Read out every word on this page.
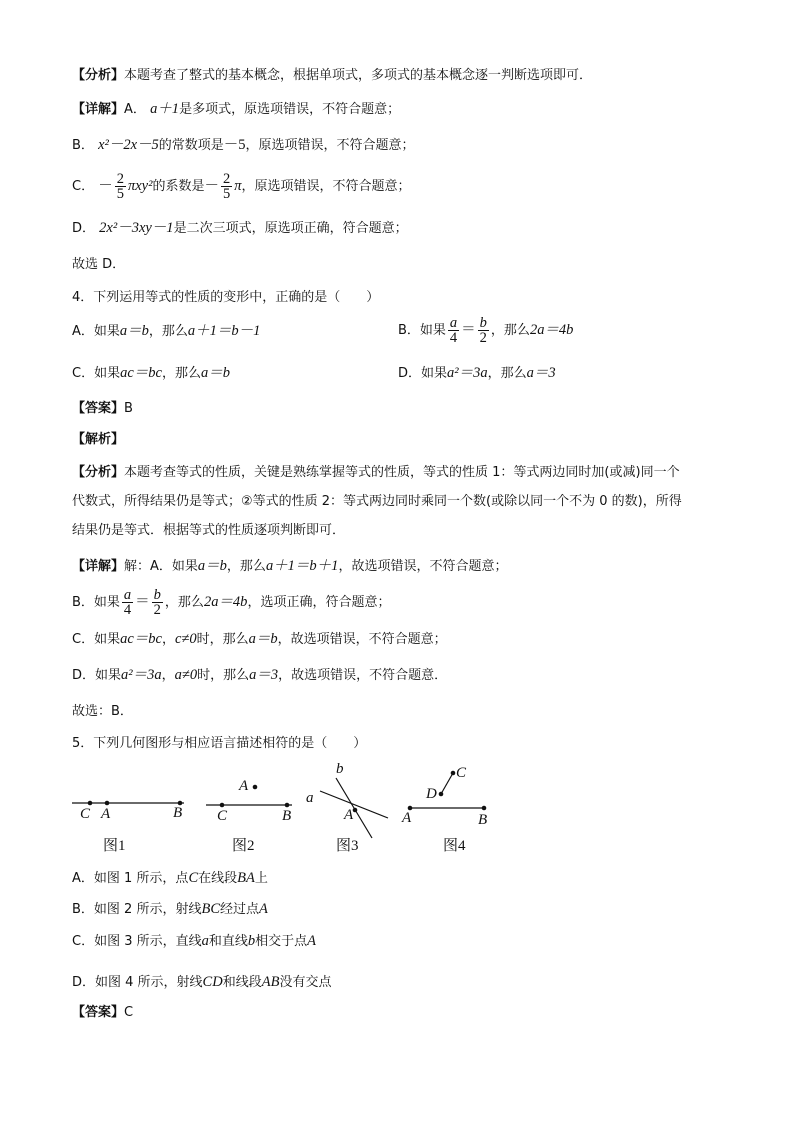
【分析】本题考查了整式的基本概念，根据单项式，多项式的基本概念逐一判断选项即可．
【详解】A． a＋1是多项式，原选项错误，不符合题意；
B． x²－2x－5的常数项是－5，原选项错误，不符合题意；
C． － $\frac{2}{5} \pi xy^2$的系数是－ $\frac{2}{5}$ π，原选项错误，不符合题意；
D． 2x²－3xy－1是二次三项式，原选项正确，符合题意；
故选 D．
4．下列运用等式的性质的变形中，正确的是（　　）
A．如果a＝b，那么a＋1＝b－1	B．如果 $\frac{a}{4} = \frac{b}{2}$ ，那么2a＝4b
C．如果ac＝bc，那么a＝b	D．如果a²＝3a，那么a＝3
【答案】B
【解析】
【分析】本题考查等式的性质，关键是熟练掌握等式的性质，等式的性质 1：等式两边同时加(或减)同一个
代数式，所得结果仍是等式；②等式的性质 2：等式两边同时乘同一个数(或除以同一个不为 0 的数)，所得
结果仍是等式．根据等式的性质逐项判断即可．
【详解】解：A．如果a＝b，那么a＋1＝b＋1，故选项错误，不符合题意；
B．如果 $\frac{a}{4} = \frac{b}{2}$ ，那么2a＝4b，选项正确，符合题意；
C．如果ac＝bc，c≠0时，那么a＝b，故选项错误，不符合题意；
D．如果a²＝3a，a≠0时，那么a＝3，故选项错误，不符合题意．
故选：B．
5．下列几何图形与相应语言描述相符的是（　　）
C A	B
图1
A
C	B
图2
b
a
A
图3
C
D
A	B
图4
A．如图 1 所示，点C在线段BA上
B．如图 2 所示，射线BC经过点A
C．如图 3 所示，直线a和直线b相交于点A
D．如图 4 所示，射线CD和线段AB没有交点
【答案】C
